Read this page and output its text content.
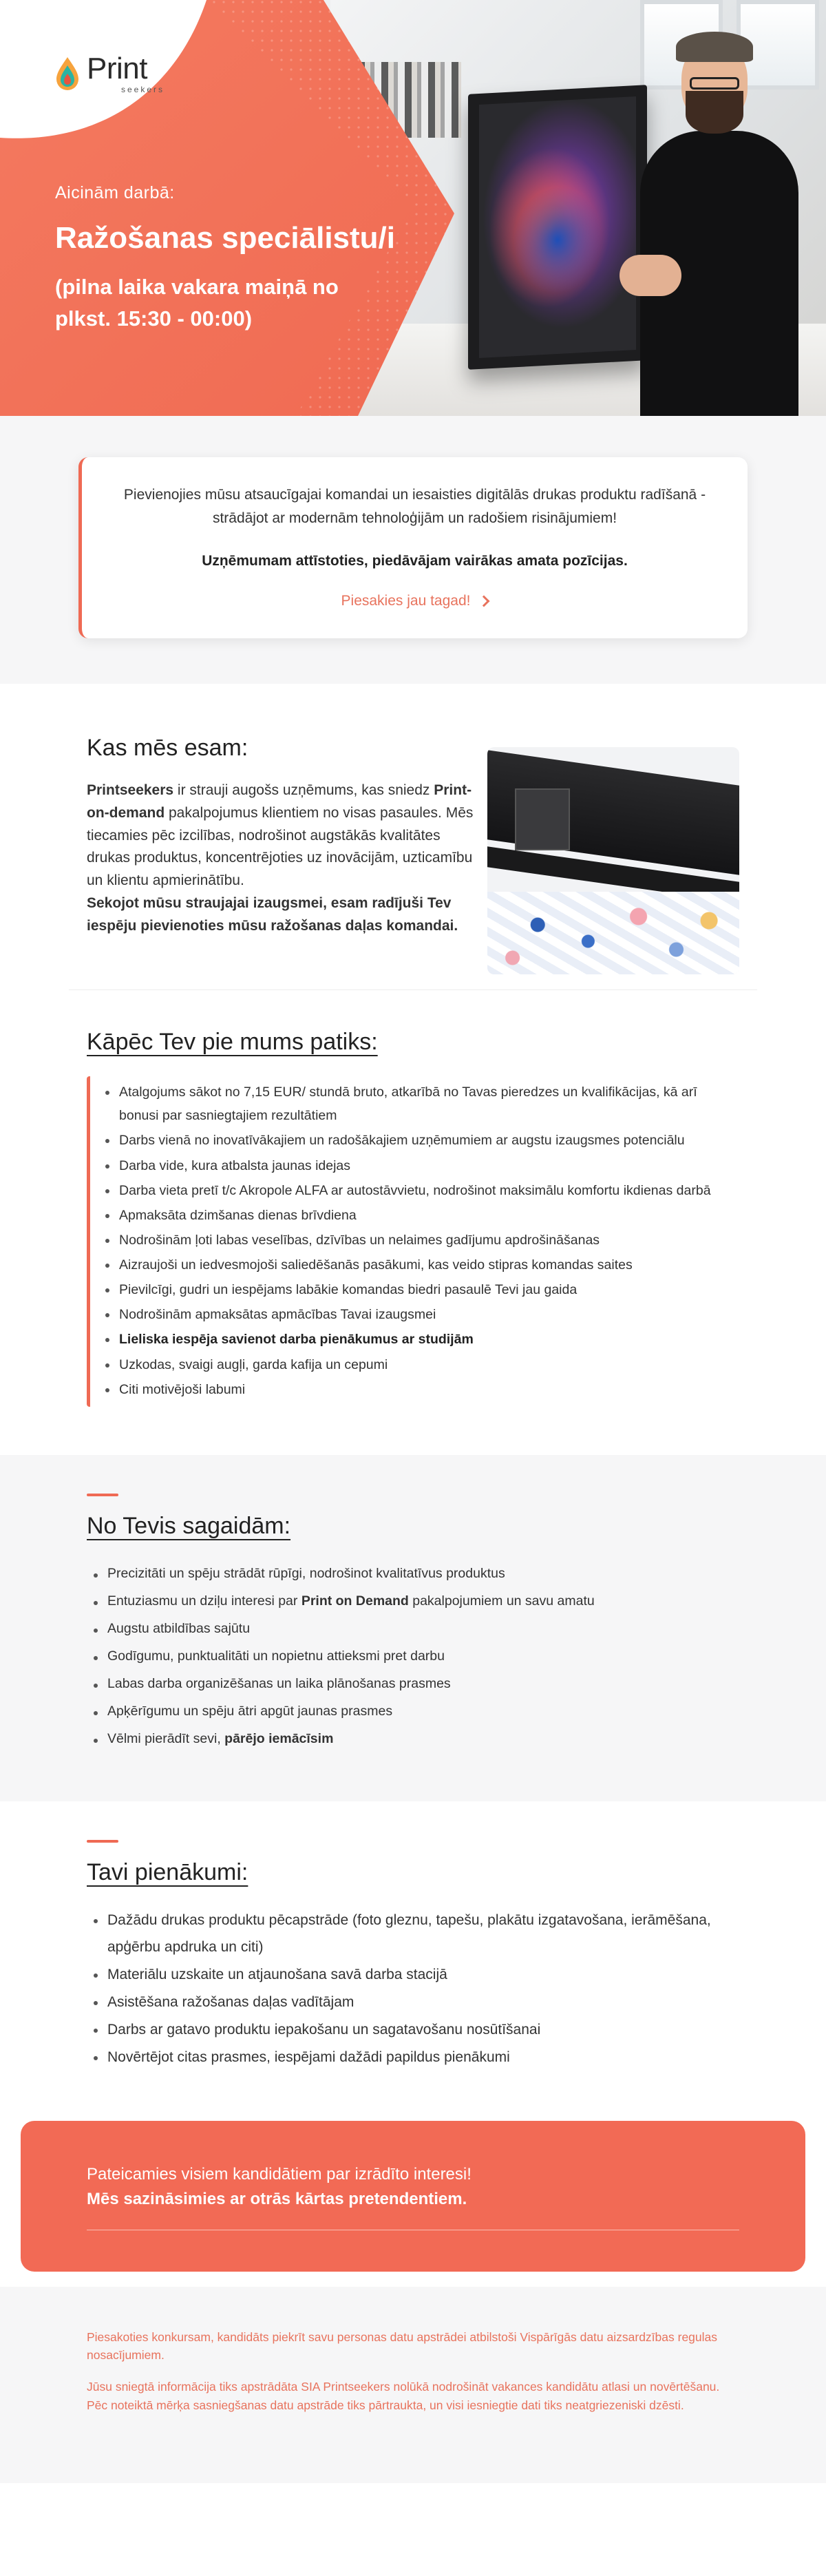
Print
seekers
Aicinām darbā:
Ražošanas speciālistu/i
(pilna laika vakara maiņā no
plkst. 15:30 - 00:00)

Pievienojies mūsu atsaucīgajai komandai un iesaisties digitālās drukas produktu radīšanā - strādājot ar modernām tehnoloģijām un radošiem risinājumiem!

Uzņēmumam attīstoties, piedāvājam vairākas amata pozīcijas.

Piesakies jau tagad!
Kas mēs esam:

Printseekers ir strauji augošs uzņēmums, kas sniedz Print-on-demand pakalpojumus klientiem no visas pasaules. Mēs tiecamies pēc izcilības, nodrošinot augstākās kvalitātes drukas produktus, koncentrējoties uz inovācijām, uzticamību un klientu apmierinātību.

Sekojot mūsu straujajai izaugsmei, esam radījuši Tev iespēju pievienoties mūsu ražošanas daļas komandai.

Kāpēc Tev pie mums patiks:
Atalgojums sākot no 7,15 EUR/ stundā bruto, atkarībā no Tavas pieredzes un kvalifikācijas, kā arī bonusi par sasniegtajiem rezultātiem
Darbs vienā no inovatīvākajiem un radošākajiem uzņēmumiem ar augstu izaugsmes potenciālu
Darba vide, kura atbalsta jaunas idejas
Darba vieta pretī t/c Akropole ALFA ar autostāvvietu, nodrošinot maksimālu komfortu ikdienas darbā
Apmaksāta dzimšanas dienas brīvdiena
Nodrošinām ļoti labas veselības, dzīvības un nelaimes gadījumu apdrošināšanas
Aizraujoši un iedvesmojoši saliedēšanās pasākumi, kas veido stipras komandas saites
Pievilcīgi, gudri un iespējams labākie komandas biedri pasaulē Tevi jau gaida
Nodrošinām apmaksātas apmācības Tavai izaugsmei
Lieliska iespēja savienot darba pienākumus ar studijām
Uzkodas, svaigi augļi, garda kafija un cepumi
Citi motivējoši labumi
No Tevis sagaidām:
Precizitāti un spēju strādāt rūpīgi, nodrošinot kvalitatīvus produktus
Entuziasmu un dziļu interesi par Print on Demand pakalpojumiem un savu amatu
Augstu atbildības sajūtu
Godīgumu, punktualitāti un nopietnu attieksmi pret darbu
Labas darba organizēšanas un laika plānošanas prasmes
Apķērīgumu un spēju ātri apgūt jaunas prasmes
Vēlmi pierādīt sevi, pārējo iemācīsim
Tavi pienākumi:
Dažādu drukas produktu pēcapstrāde (foto gleznu, tapešu, plakātu izgatavošana, ierāmēšana, apģērbu apdruka un citi)
Materiālu uzskaite un atjaunošana savā darba stacijā
Asistēšana ražošanas daļas vadītājam
Darbs ar gatavo produktu iepakošanu un sagatavošanu nosūtīšanai
Novērtējot citas prasmes, iespējami dažādi papildus pienākumi
Pateicamies visiem kandidātiem par izrādīto interesi!
Mēs sazināsimies ar otrās kārtas pretendentiem.

Piesakoties konkursam, kandidāts piekrīt savu personas datu apstrādei atbilstoši Vispārīgās datu aizsardzības regulas nosacījumiem.

Jūsu sniegtā informācija tiks apstrādāta SIA Printseekers nolūkā nodrošināt vakances kandidātu atlasi un novērtēšanu. Pēc noteiktā mērķa sasniegšanas datu apstrāde tiks pārtraukta, un visi iesniegtie dati tiks neatgriezeniski dzēsti.
